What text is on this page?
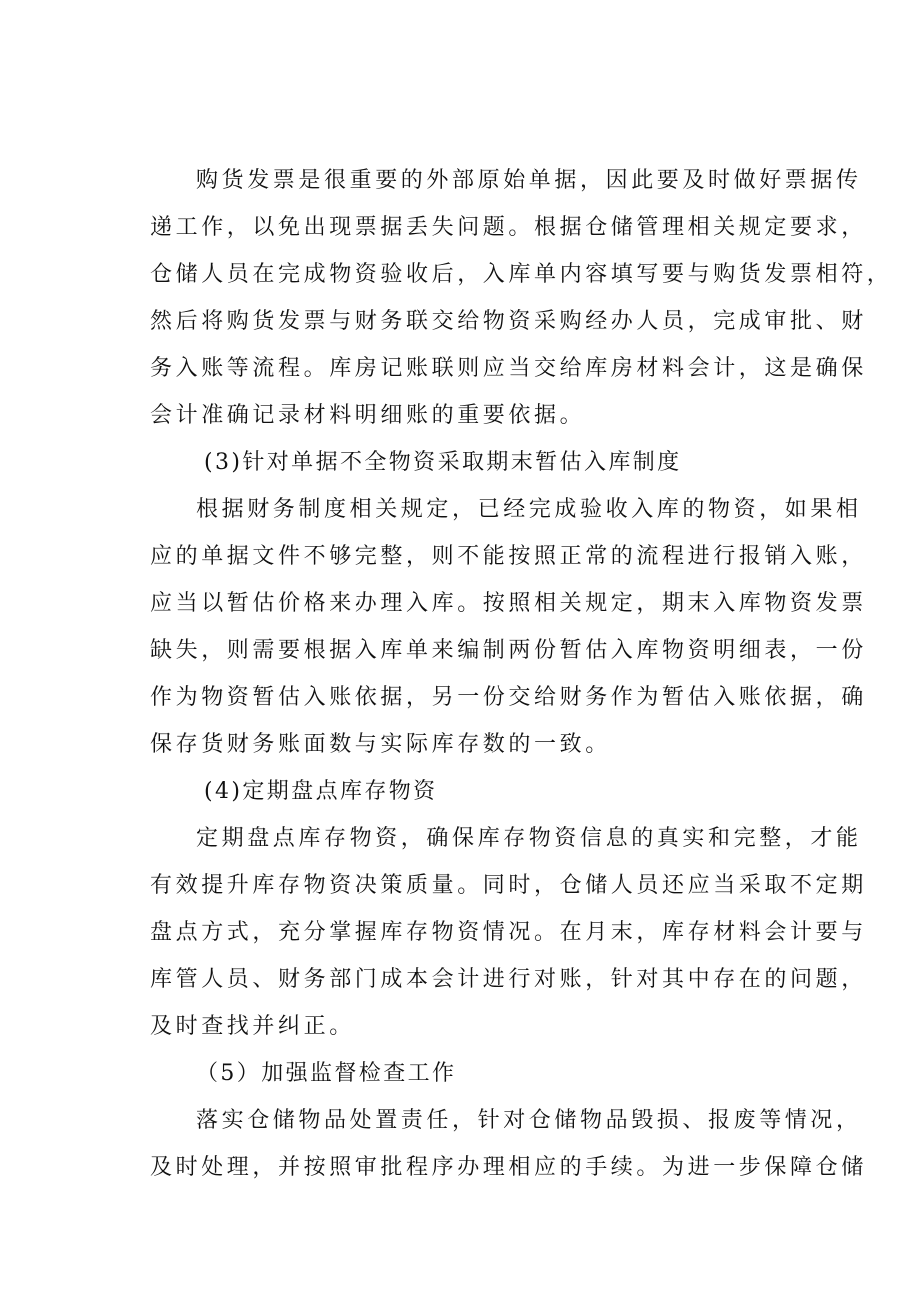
购货发票是很重要的外部原始单据，因此要及时做好票据传
递工作，以免出现票据丢失问题。根据仓储管理相关规定要求，
仓储人员在完成物资验收后，入库单内容填写要与购货发票相符，
然后将购货发票与财务联交给物资采购经办人员，完成审批、财
务入账等流程。库房记账联则应当交给库房材料会计，这是确保
会计准确记录材料明细账的重要依据。
(3)针对单据不全物资采取期末暂估入库制度
根据财务制度相关规定，已经完成验收入库的物资，如果相
应的单据文件不够完整，则不能按照正常的流程进行报销入账，
应当以暂估价格来办理入库。按照相关规定，期末入库物资发票
缺失，则需要根据入库单来编制两份暂估入库物资明细表，一份
作为物资暂估入账依据，另一份交给财务作为暂估入账依据，确
保存货财务账面数与实际库存数的一致。
(4)定期盘点库存物资
定期盘点库存物资，确保库存物资信息的真实和完整，才能
有效提升库存物资决策质量。同时，仓储人员还应当采取不定期
盘点方式，充分掌握库存物资情况。在月末，库存材料会计要与
库管人员、财务部门成本会计进行对账，针对其中存在的问题，
及时查找并纠正。
（5）加强监督检查工作
落实仓储物品处置责任，针对仓储物品毁损、报废等情况，
及时处理，并按照审批程序办理相应的手续。为进一步保障仓储
